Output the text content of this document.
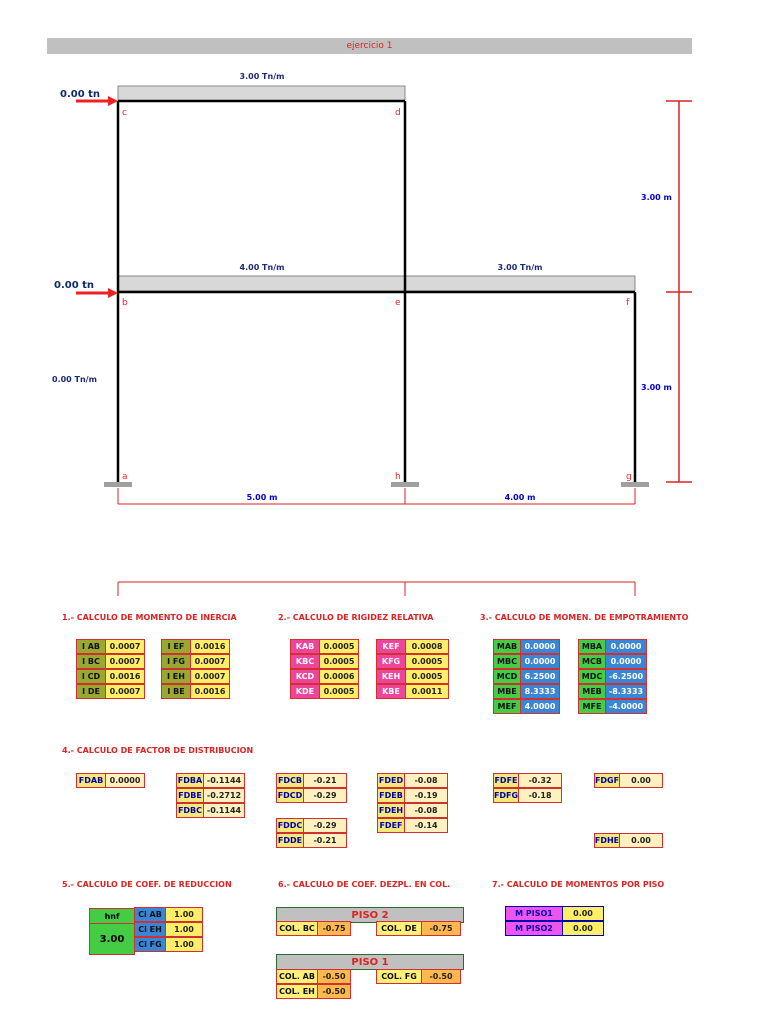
ejercicio 1
3.00 Tn/m
4.00 Tn/m	3.00 Tn/m
0.00 Tn/m
0.00 tn
0.00 tn
3.00 m
3.00 m
5.00 m	4.00 m
c	d
b	e	f
a	h	g
1.- CALCULO DE MOMENTO DE INERCIA	2.- CALCULO DE RIGIDEZ RELATIVA	3.- CALCULO DE MOMEN. DE EMPOTRAMIENTO
4.- CALCULO DE FACTOR DE DISTRIBUCION
5.- CALCULO DE COEF. DE REDUCCION	6.- CALCULO DE COEF. DEZPL. EN COL.	7.- CALCULO DE MOMENTOS POR PISO
I AB	0.0007
I BC	0.0007
I CD	0.0016
I DE	0.0007
I EF	0.0016
I FG	0.0007
I EH	0.0007
I BE	0.0016
KAB	0.0005
KBC	0.0005
KCD	0.0006
KDE	0.0005
KEF	0.0008
KFG	0.0005
KEH	0.0005
KBE	0.0011
MAB 0.0000
MBC 0.0000
MCD 6.2500
MBE 8.3333
MEF	4.0000
MBA	0.0000
MCB	0.0000
MDC -6.2500
MEB -8.3333
MFE -4.0000
FDAB 0.0000	FDBA -0.1144
FDBE -0.2712
FDBC -0.1144
FDCB	-0.21
FDCD	-0.29
FDDC	-0.29
FDDE	-0.21
FDED	-0.08
FDEB	-0.19
FDEH	-0.08
FDEF	-0.14
FDFE	-0.32
FDFG	-0.18
FDGF	0.00
FDHE	0.00
hnf
3.00
Ci AB	1.00
Ci EH	1.00
Ci FG	1.00
PISO 2
COL. BC -0.75	COL. DE	-0.75
PISO 1
COL. AB -0.50	COL. FG	-0.50
COL. EH -0.50
M PISO1	0.00
M PISO2	0.00
